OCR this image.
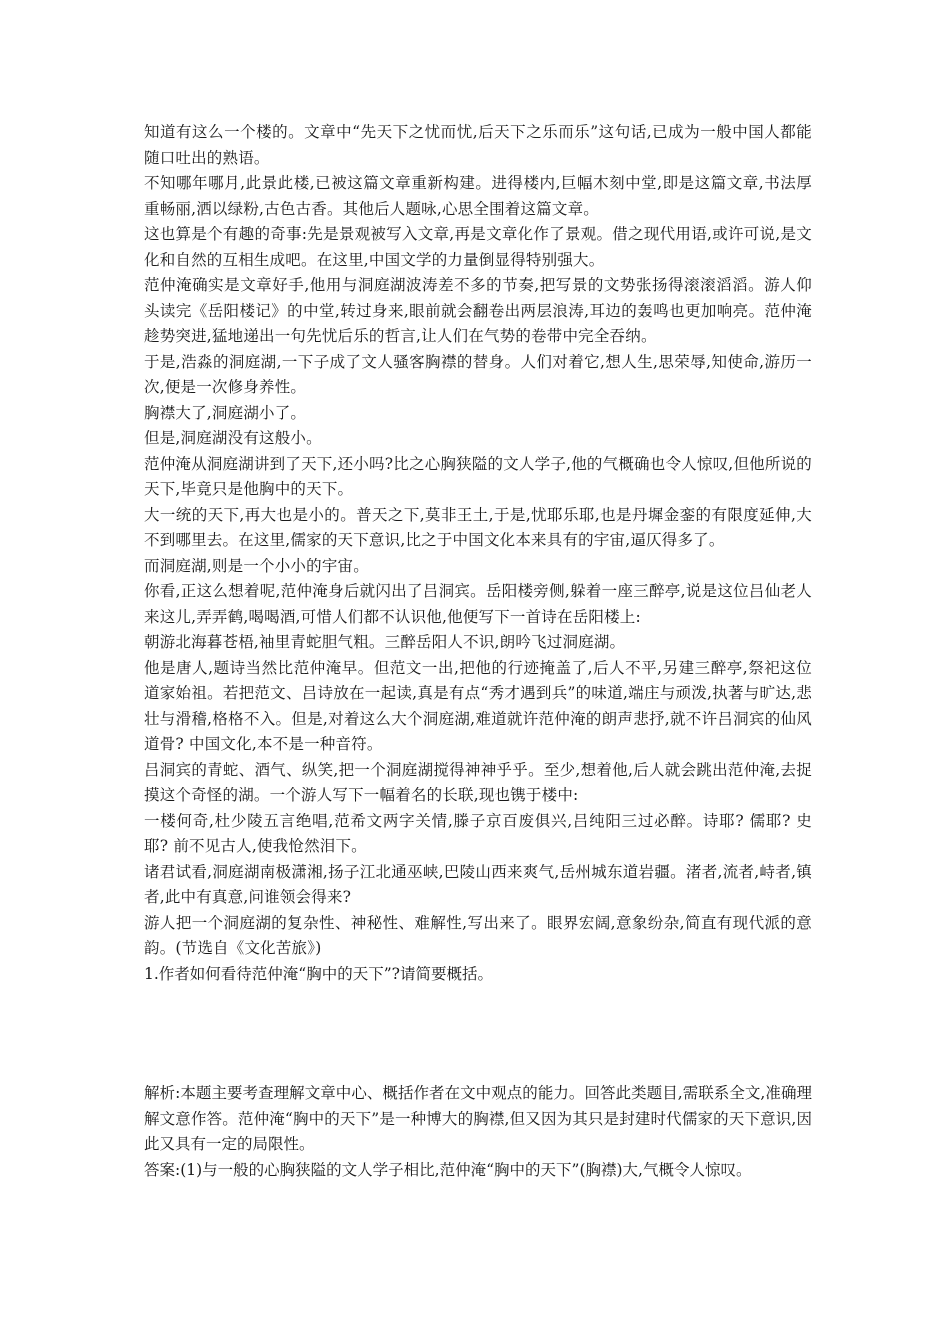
知道有这么一个楼的。文章中“先天下之忧而忧,后天下之乐而乐”这句话,已成为一般中国人都能随口吐出的熟语。

不知哪年哪月,此景此楼,已被这篇文章重新构建。进得楼内,巨幅木刻中堂,即是这篇文章,书法厚重畅丽,洒以绿粉,古色古香。其他后人题咏,心思全围着这篇文章。

这也算是个有趣的奇事:先是景观被写入文章,再是文章化作了景观。借之现代用语,或许可说,是文化和自然的互相生成吧。在这里,中国文学的力量倒显得特别强大。

范仲淹确实是文章好手,他用与洞庭湖波涛差不多的节奏,把写景的文势张扬得滚滚滔滔。游人仰头读完《岳阳楼记》的中堂,转过身来,眼前就会翻卷出两层浪涛,耳边的轰鸣也更加响亮。范仲淹趁势突进,猛地递出一句先忧后乐的哲言,让人们在气势的卷带中完全吞纳。

于是,浩淼的洞庭湖,一下子成了文人骚客胸襟的替身。人们对着它,想人生,思荣辱,知使命,游历一次,便是一次修身养性。

胸襟大了,洞庭湖小了。

但是,洞庭湖没有这般小。

范仲淹从洞庭湖讲到了天下,还小吗?比之心胸狭隘的文人学子,他的气概确也令人惊叹,但他所说的天下,毕竟只是他胸中的天下。

大一统的天下,再大也是小的。普天之下,莫非王土,于是,忧耶乐耶,也是丹墀金銮的有限度延伸,大不到哪里去。在这里,儒家的天下意识,比之于中国文化本来具有的宇宙,逼仄得多了。

而洞庭湖,则是一个小小的宇宙。

你看,正这么想着呢,范仲淹身后就闪出了吕洞宾。岳阳楼旁侧,躲着一座三醉亭,说是这位吕仙老人来这儿,弄弄鹤,喝喝酒,可惜人们都不认识他,他便写下一首诗在岳阳楼上:

朝游北海暮苍梧,袖里青蛇胆气粗。三醉岳阳人不识,朗吟飞过洞庭湖。

他是唐人,题诗当然比范仲淹早。但范文一出,把他的行迹掩盖了,后人不平,另建三醉亭,祭祀这位道家始祖。若把范文、吕诗放在一起读,真是有点“秀才遇到兵”的味道,端庄与顽泼,执著与旷达,悲壮与滑稽,格格不入。但是,对着这么大个洞庭湖,难道就许范仲淹的朗声悲抒,就不许吕洞宾的仙风道骨? 中国文化,本不是一种音符。

吕洞宾的青蛇、酒气、纵笑,把一个洞庭湖搅得神神乎乎。至少,想着他,后人就会跳出范仲淹,去捉摸这个奇怪的湖。一个游人写下一幅着名的长联,现也镌于楼中:

一楼何奇,杜少陵五言绝唱,范希文两字关情,滕子京百废俱兴,吕纯阳三过必醉。诗耶? 儒耶? 史耶? 前不见古人,使我怆然泪下。

诸君试看,洞庭湖南极潇湘,扬子江北通巫峡,巴陵山西来爽气,岳州城东道岩疆。渚者,流者,峙者,镇者,此中有真意,问谁领会得来?

游人把一个洞庭湖的复杂性、神秘性、难解性,写出来了。眼界宏阔,意象纷杂,简直有现代派的意韵。(节选自《文化苦旅》)

1.作者如何看待范仲淹“胸中的天下”?请简要概括。

解析:本题主要考查理解文章中心、概括作者在文中观点的能力。回答此类题目,需联系全文,准确理解文意作答。范仲淹“胸中的天下”是一种博大的胸襟,但又因为其只是封建时代儒家的天下意识,因此又具有一定的局限性。

答案:(1)与一般的心胸狭隘的文人学子相比,范仲淹“胸中的天下”(胸襟)大,气概令人惊叹。
